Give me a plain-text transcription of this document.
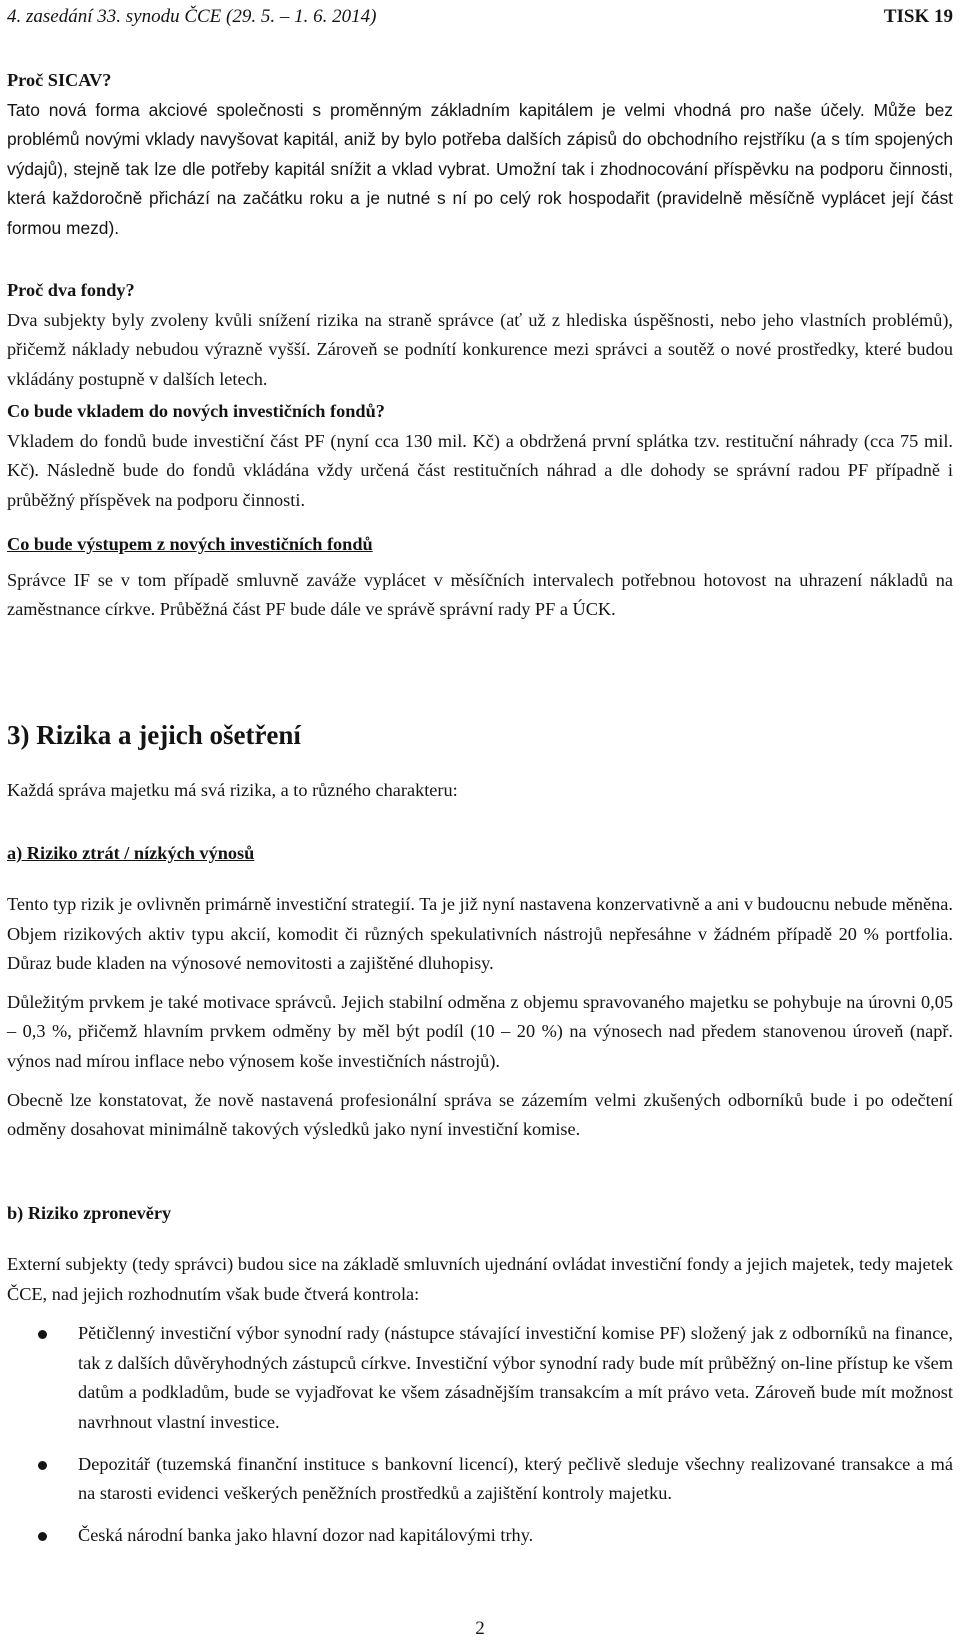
4. zasedání 33. synodu ČCE (29. 5. – 1. 6. 2014)	TISK 19

Proč SICAV?

Tato nová forma akciové společnosti s proměnným základním kapitálem je velmi vhodná pro naše účely. Může bez problémů novými vklady navyšovat kapitál, aniž by bylo potřeba dalších zápisů do obchodního rejstříku (a s tím spojených výdajů), stejně tak lze dle potřeby kapitál snížit a vklad vybrat. Umožní tak i zhodnocování příspěvku na podporu činnosti, která každoročně přichází na začátku roku a je nutné s ní po celý rok hospodařit (pravidelně měsíčně vyplácet její část formou mezd).

Proč dva fondy?

Dva subjekty byly zvoleny kvůli snížení rizika na straně správce (ať už z hlediska úspěšnosti, nebo jeho vlastních problémů), přičemž náklady nebudou výrazně vyšší. Zároveň se podnítí konkurence mezi správci a soutěž o nové prostředky, které budou vkládány postupně v dalších letech.

Co bude vkladem do nových investičních fondů?

Vkladem do fondů bude investiční část PF (nyní cca 130 mil. Kč) a obdržená první splátka tzv. restituční náhrady (cca 75 mil. Kč). Následně bude do fondů vkládána vždy určená část restitučních náhrad a dle dohody se správní radou PF případně i průběžný příspěvek na podporu činnosti.

Co bude výstupem z nových investičních fondů

Správce IF se v tom případě smluvně zaváže vyplácet v měsíčních intervalech potřebnou hotovost na uhrazení nákladů na zaměstnance církve. Průběžná část PF bude dále ve správě správní rady PF a ÚCK.

3) Rizika a jejich ošetření

Každá správa majetku má svá rizika, a to různého charakteru:

a) Riziko ztrát / nízkých výnosů

Tento typ rizik je ovlivněn primárně investiční strategií. Ta je již nyní nastavena konzervativně a ani v budoucnu nebude měněna. Objem rizikových aktiv typu akcií, komodit či různých spekulativních nástrojů nepřesáhne v žádném případě 20 % portfolia. Důraz bude kladen na výnosové nemovitosti a zajištěné dluhopisy.

Důležitým prvkem je také motivace správců. Jejich stabilní odměna z objemu spravovaného majetku se pohybuje na úrovni 0,05 – 0,3 %, přičemž hlavním prvkem odměny by měl být podíl (10 – 20 %) na výnosech nad předem stanovenou úroveň (např. výnos nad mírou inflace nebo výnosem koše investičních nástrojů).

Obecně lze konstatovat, že nově nastavená profesionální správa se zázemím velmi zkušených odborníků bude i po odečtení odměny dosahovat minimálně takových výsledků jako nyní investiční komise.

b) Riziko zpronevěry

Externí subjekty (tedy správci) budou sice na základě smluvních ujednání ovládat investiční fondy a jejich majetek, tedy majetek ČCE, nad jejich rozhodnutím však bude čtverá kontrola:

Pětičlenný investiční výbor synodní rady (nástupce stávající investiční komise PF) složený jak z odborníků na finance, tak z dalších důvěryhodných zástupců církve. Investiční výbor synodní rady bude mít průběžný on-line přístup ke všem datům a podkladům, bude se vyjadřovat ke všem zásadnějším transakcím a mít právo veta. Zároveň bude mít možnost navrhnout vlastní investice.
Depozitář (tuzemská finanční instituce s bankovní licencí), který pečlivě sleduje všechny realizované transakce a má na starosti evidenci veškerých peněžních prostředků a zajištění kontroly majetku.
Česká národní banka jako hlavní dozor nad kapitálovými trhy.
2
